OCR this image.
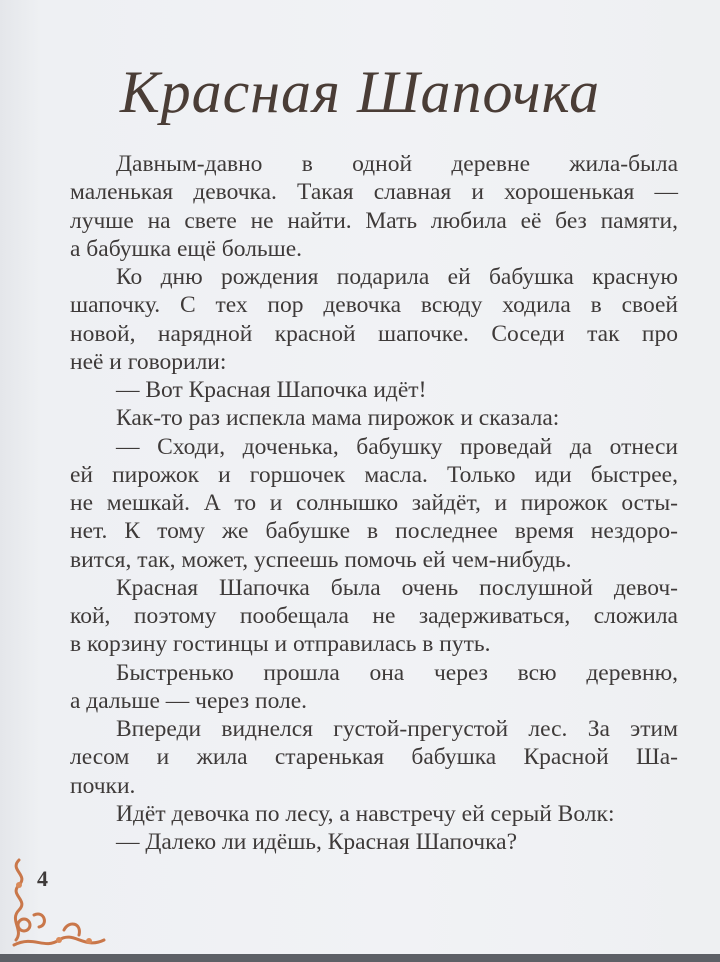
Красная Шапочка
Давным-давно в одной деревне жила-была
маленькая девочка. Такая славная и хорошенькая —
лучше на свете не найти. Мать любила её без памяти,
а бабушка ещё больше.
Ко дню рождения подарила ей бабушка красную
шапочку. С тех пор девочка всюду ходила в своей
новой, нарядной красной шапочке. Соседи так про
неё и говорили:
— Вот Красная Шапочка идёт!
Как-то раз испекла мама пирожок и сказала:
— Сходи, доченька, бабушку проведай да отнеси
ей пирожок и горшочек масла. Только иди быстрее,
не мешкай. А то и солнышко зайдёт, и пирожок осты-
нет. К тому же бабушке в последнее время нездоро-
вится, так, может, успеешь помочь ей чем-нибудь.
Красная Шапочка была очень послушной девоч-
кой, поэтому пообещала не задерживаться, сложила
в корзину гостинцы и отправилась в путь.
Быстренько прошла она через всю деревню,
а дальше — через поле.
Впереди виднелся густой-прегустой лес. За этим
лесом и жила старенькая бабушка Красной Ша-
почки.
Идёт девочка по лесу, а навстречу ей серый Волк:
— Далеко ли идёшь, Красная Шапочка?
4
